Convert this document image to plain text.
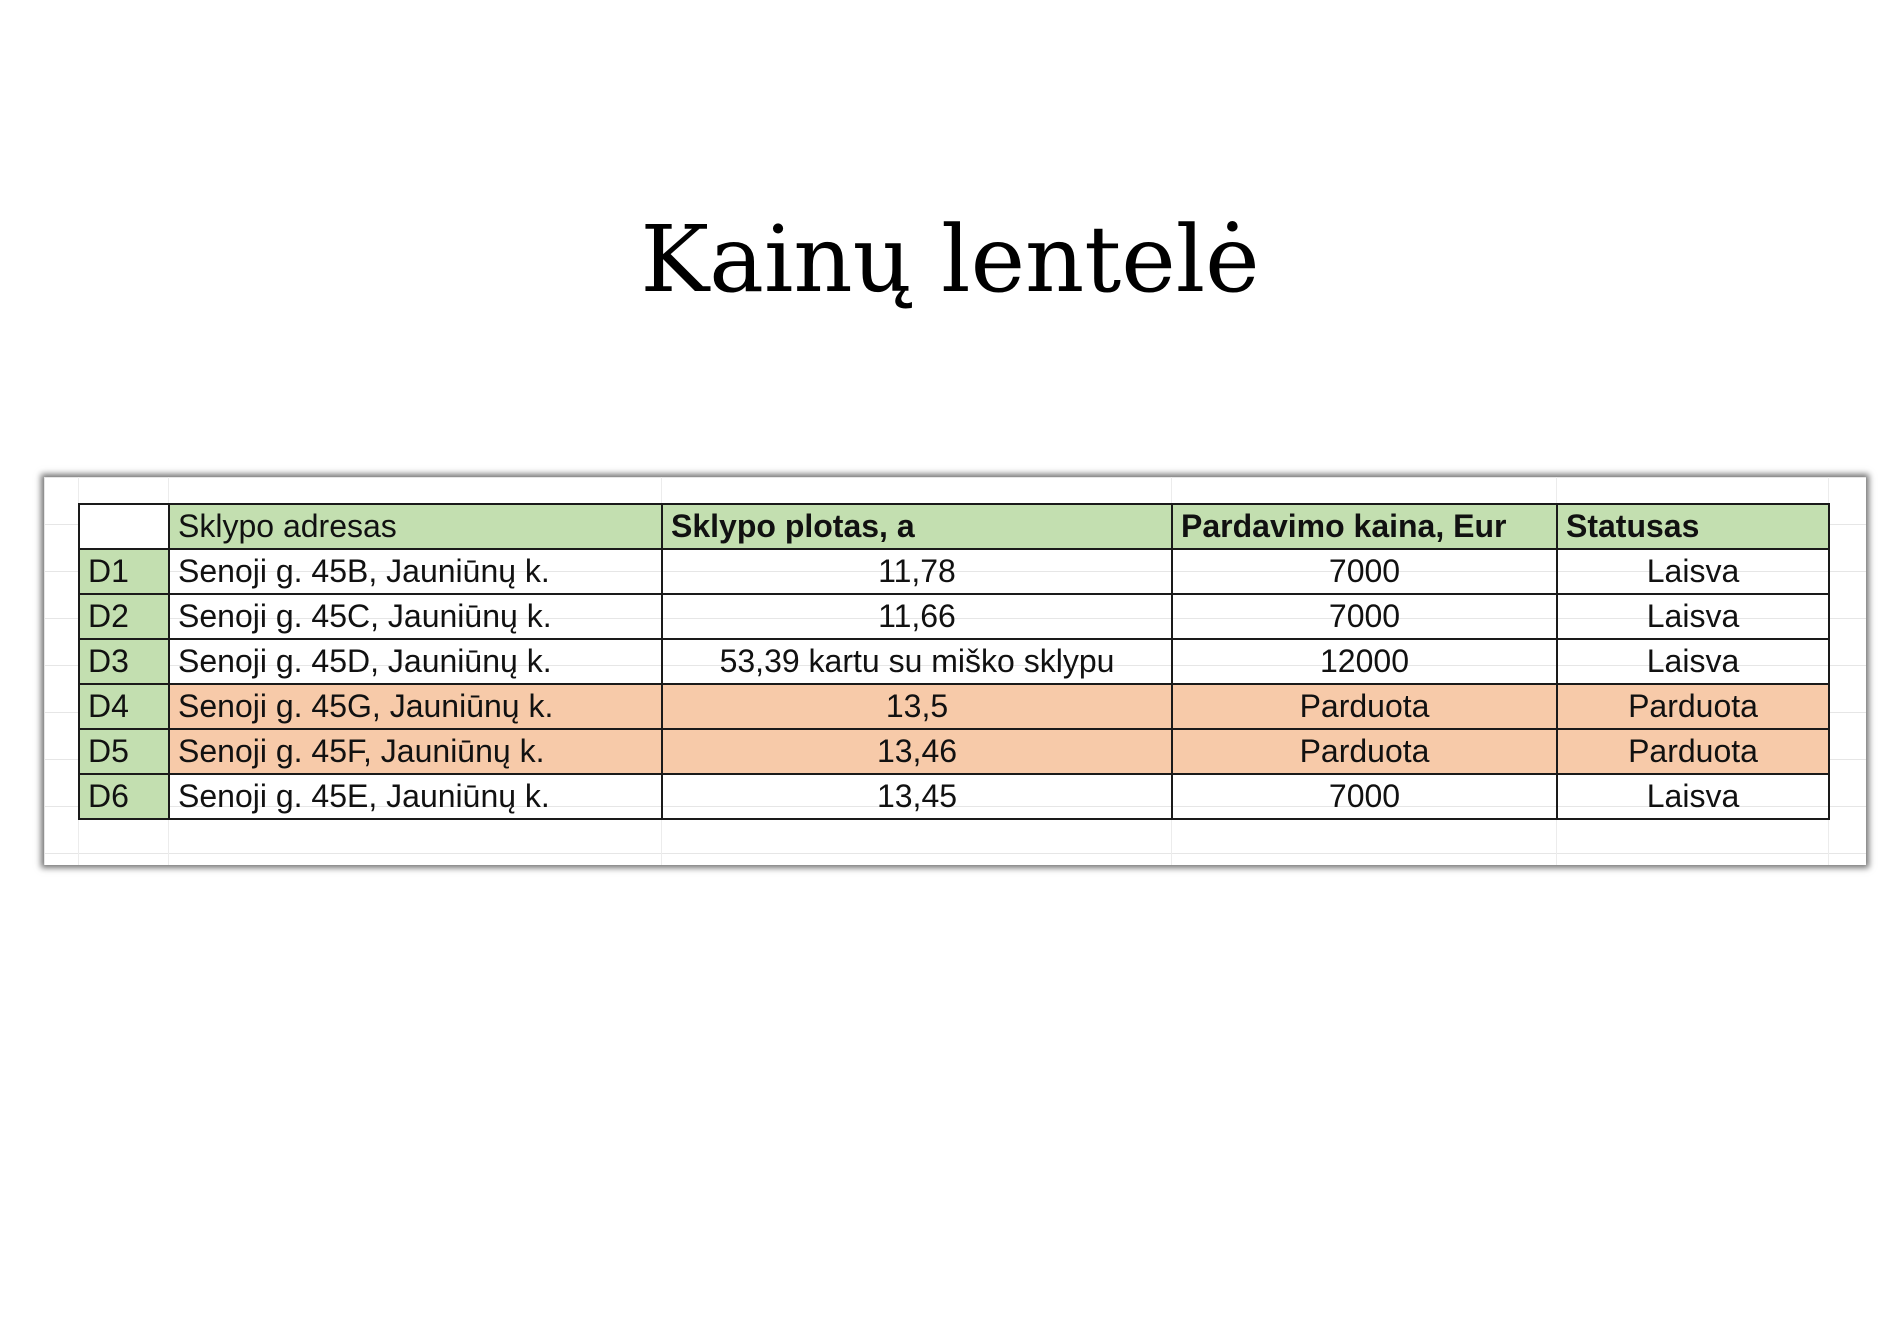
Kainų lentelė
	Sklypo adresas	Sklypo plotas, a	Pardavimo kaina, Eur	Statusas
D1	Senoji g. 45B, Jauniūnų k.	11,78	7000	Laisva
D2	Senoji g. 45C, Jauniūnų k.	11,66	7000	Laisva
D3	Senoji g. 45D, Jauniūnų k.	53,39 kartu su miško sklypu	12000	Laisva
D4	Senoji g. 45G, Jauniūnų k.	13,5	Parduota	Parduota
D5	Senoji g. 45F, Jauniūnų k.	13,46	Parduota	Parduota
D6	Senoji g. 45E, Jauniūnų k.	13,45	7000	Laisva
